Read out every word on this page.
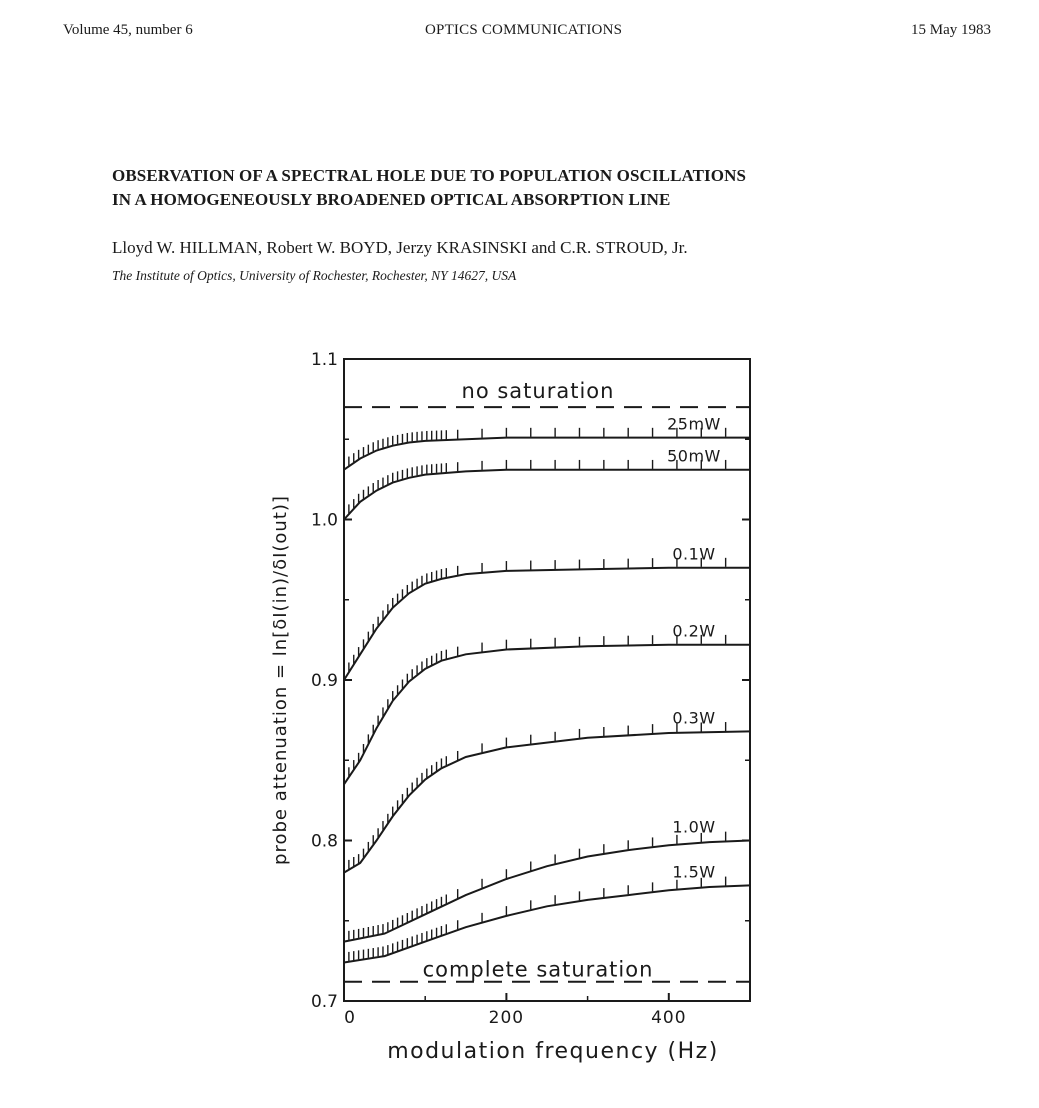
Volume 45, number 6	OPTICS COMMUNICATIONS	15 May 1983
OBSERVATION OF A SPECTRAL HOLE DUE TO POPULATION OSCILLATIONS
IN A HOMOGENEOUSLY BROADENED OPTICAL ABSORPTION LINE
Lloyd W. HILLMAN, Robert W. BOYD, Jerzy KRASINSKI and C.R. STROUD, Jr.
The Institute of Optics, University of Rochester, Rochester, NY 14627, USA
0.7
0.8
0.9
1.0
1.1
0	200	400
no saturation
complete saturation
25mW
50mW
0.1W
0.2W
0.3W
1.0W
1.5W
modulation frequency (Hz)
probe attenuation = ln[δI(in)/δI(out)]
